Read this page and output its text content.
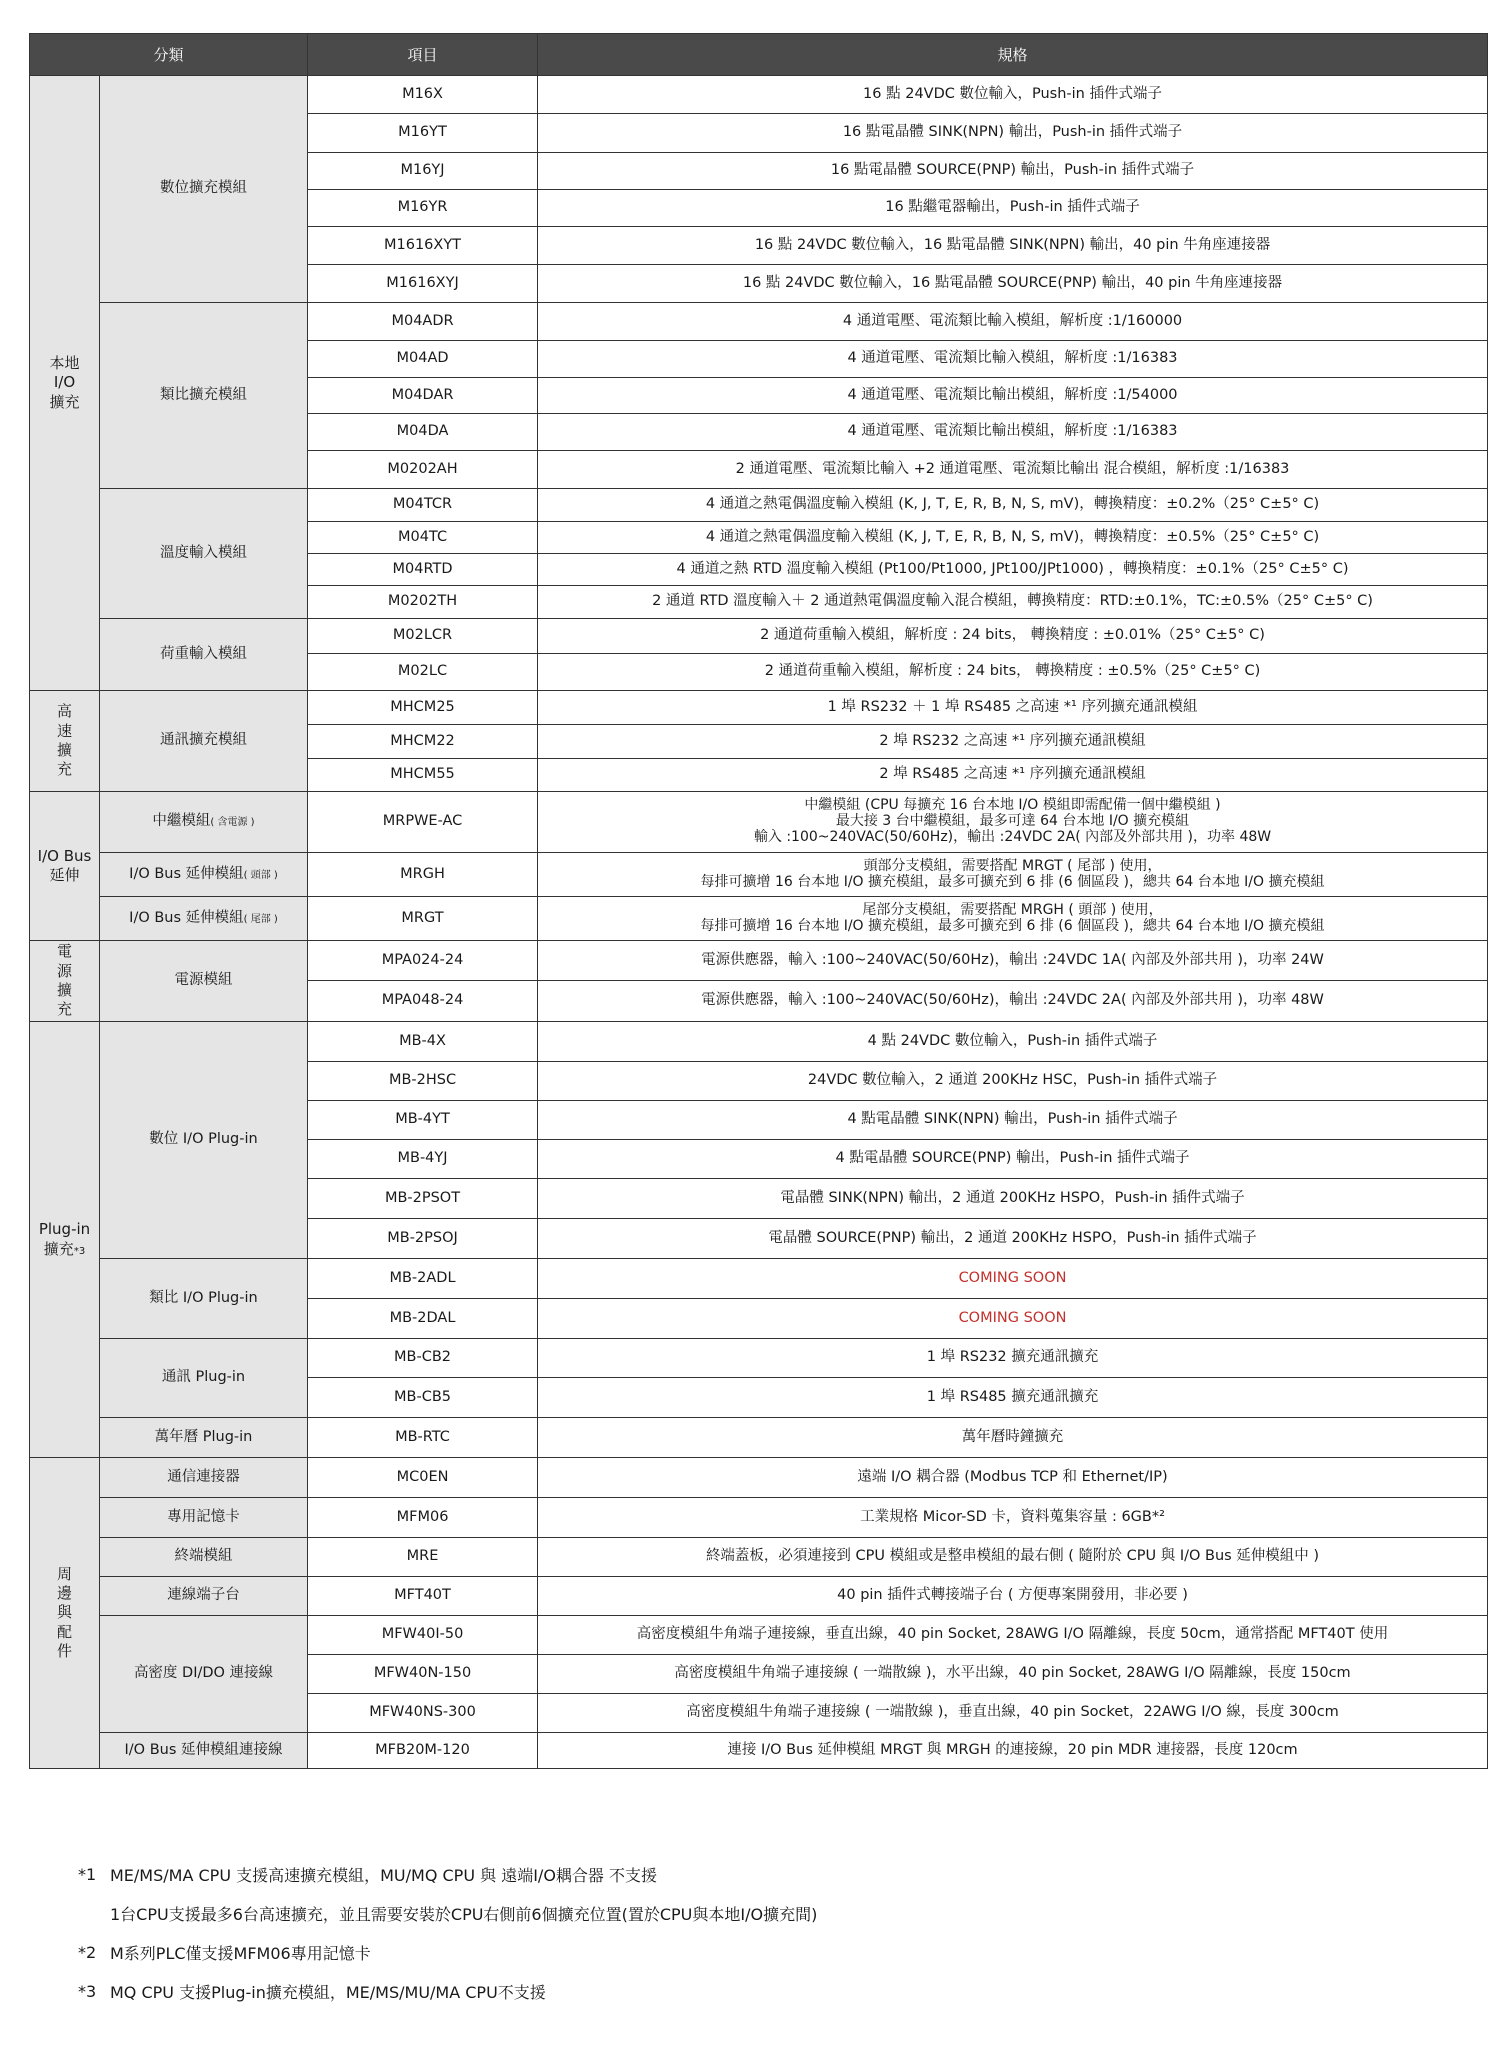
分類		項目	規格
本地
I/O
擴充	數位擴充模組	M16X	16 點 24VDC 數位輸入，Push-in 插件式端子
		M16YT	16 點電晶體 SINK(NPN) 輸出，Push-in 插件式端子
		M16YJ	16 點電晶體 SOURCE(PNP) 輸出，Push-in 插件式端子
		M16YR	16 點繼電器輸出，Push-in 插件式端子
		M1616XYT	16 點 24VDC 數位輸入，16 點電晶體 SINK(NPN) 輸出，40 pin 牛角座連接器
		M1616XYJ	16 點 24VDC 數位輸入，16 點電晶體 SOURCE(PNP) 輸出，40 pin 牛角座連接器
	類比擴充模組	M04ADR	4 通道電壓、電流類比輸入模組，解析度 :1/160000
		M04AD	4 通道電壓、電流類比輸入模組，解析度 :1/16383
		M04DAR	4 通道電壓、電流類比輸出模組，解析度 :1/54000
		M04DA	4 通道電壓、電流類比輸出模組，解析度 :1/16383
		M0202AH	2 通道電壓、電流類比輸入 +2 通道電壓、電流類比輸出 混合模組，解析度 :1/16383
	溫度輸入模組	M04TCR	4 通道之熱電偶溫度輸入模組 (K, J, T, E, R, B, N, S, mV)，轉換精度：±0.2%（25° C±5° C)
		M04TC	4 通道之熱電偶溫度輸入模組 (K, J, T, E, R, B, N, S, mV)，轉換精度：±0.5%（25° C±5° C)
		M04RTD	4 通道之熱 RTD 溫度輸入模組 (Pt100/Pt1000, JPt100/JPt1000) ，轉換精度：±0.1%（25° C±5° C)
		M0202TH	2 通道 RTD 溫度輸入＋ 2 通道熱電偶溫度輸入混合模組，轉換精度：RTD:±0.1%，TC:±0.5%（25° C±5° C)
	荷重輸入模組	M02LCR	2 通道荷重輸入模組，解析度 : 24 bits， 轉換精度 : ±0.01%（25° C±5° C)
		M02LC	2 通道荷重輸入模組，解析度 : 24 bits， 轉換精度 : ±0.5%（25° C±5° C)
高
速
擴
充	通訊擴充模組	MHCM25	1 埠 RS232 ＋ 1 埠 RS485 之高速 *¹ 序列擴充通訊模組
		MHCM22	2 埠 RS232 之高速 *¹ 序列擴充通訊模組
		MHCM55	2 埠 RS485 之高速 *¹ 序列擴充通訊模組
I/O Bus
延伸	中繼模組( 含電源 )	MRPWE-AC	中繼模組 (CPU 每擴充 16 台本地 I/O 模組即需配備一個中繼模組 )
最大接 3 台中繼模組，最多可達 64 台本地 I/O 擴充模組
輸入 :100~240VAC(50/60Hz)，輸出 :24VDC 2A( 內部及外部共用 )，功率 48W
	I/O Bus 延伸模組( 頭部 )	MRGH	頭部分支模組，需要搭配 MRGT ( 尾部 ) 使用，
每排可擴增 16 台本地 I/O 擴充模組，最多可擴充到 6 排 (6 個區段 )，總共 64 台本地 I/O 擴充模組
	I/O Bus 延伸模組( 尾部 )	MRGT	尾部分支模組，需要搭配 MRGH ( 頭部 ) 使用，
每排可擴增 16 台本地 I/O 擴充模組，最多可擴充到 6 排 (6 個區段 )，總共 64 台本地 I/O 擴充模組
電
源
擴
充	電源模組	MPA024-24	電源供應器，輸入 :100~240VAC(50/60Hz)，輸出 :24VDC 1A( 內部及外部共用 )，功率 24W
		MPA048-24	電源供應器，輸入 :100~240VAC(50/60Hz)，輸出 :24VDC 2A( 內部及外部共用 )，功率 48W
Plug-in
擴充*3	數位 I/O Plug-in	MB-4X	4 點 24VDC 數位輸入，Push-in 插件式端子
		MB-2HSC	24VDC 數位輸入，2 通道 200KHz HSC，Push-in 插件式端子
		MB-4YT	4 點電晶體 SINK(NPN) 輸出，Push-in 插件式端子
		MB-4YJ	4 點電晶體 SOURCE(PNP) 輸出，Push-in 插件式端子
		MB-2PSOT	電晶體 SINK(NPN) 輸出，2 通道 200KHz HSPO，Push-in 插件式端子
		MB-2PSOJ	電晶體 SOURCE(PNP) 輸出，2 通道 200KHz HSPO，Push-in 插件式端子
	類比 I/O Plug-in	MB-2ADL	COMING SOON
		MB-2DAL	COMING SOON
	通訊 Plug-in	MB-CB2	1 埠 RS232 擴充通訊擴充
		MB-CB5	1 埠 RS485 擴充通訊擴充
	萬年曆 Plug-in	MB-RTC	萬年曆時鐘擴充
周
邊
與
配
件	通信連接器	MC0EN	遠端 I/O 耦合器 (Modbus TCP 和 Ethernet/IP)
	專用記憶卡	MFM06	工業規格 Micor-SD 卡，資料蒐集容量 : 6GB*²
	終端模組	MRE	終端蓋板，必須連接到 CPU 模組或是整串模組的最右側 ( 隨附於 CPU 與 I/O Bus 延伸模組中 )
	連線端子台	MFT40T	40 pin 插件式轉接端子台 ( 方便專案開發用，非必要 )
	高密度 DI/DO 連接線	MFW40I-50	高密度模組牛角端子連接線，垂直出線，40 pin Socket, 28AWG I/O 隔離線，長度 50cm，通常搭配 MFT40T 使用
		MFW40N-150	高密度模組牛角端子連接線 ( 一端散線 )，水平出線，40 pin Socket, 28AWG I/O 隔離線，長度 150cm
		MFW40NS-300	高密度模組牛角端子連接線 ( 一端散線 )，垂直出線，40 pin Socket，22AWG I/O 線，長度 300cm
	I/O Bus 延伸模組連接線	MFB20M-120	連接 I/O Bus 延伸模組 MRGT 與 MRGH 的連接線，20 pin MDR 連接器，長度 120cm
*1 ME/MS/MA CPU 支援高速擴充模組，MU/MQ CPU 與 遠端I/O耦合器 不支援
1台CPU支援最多6台高速擴充，並且需要安裝於CPU右側前6個擴充位置(置於CPU與本地I/O擴充間)
*2 M系列PLC僅支援MFM06專用記憶卡
*3 MQ CPU 支援Plug-in擴充模組，ME/MS/MU/MA CPU不支援
